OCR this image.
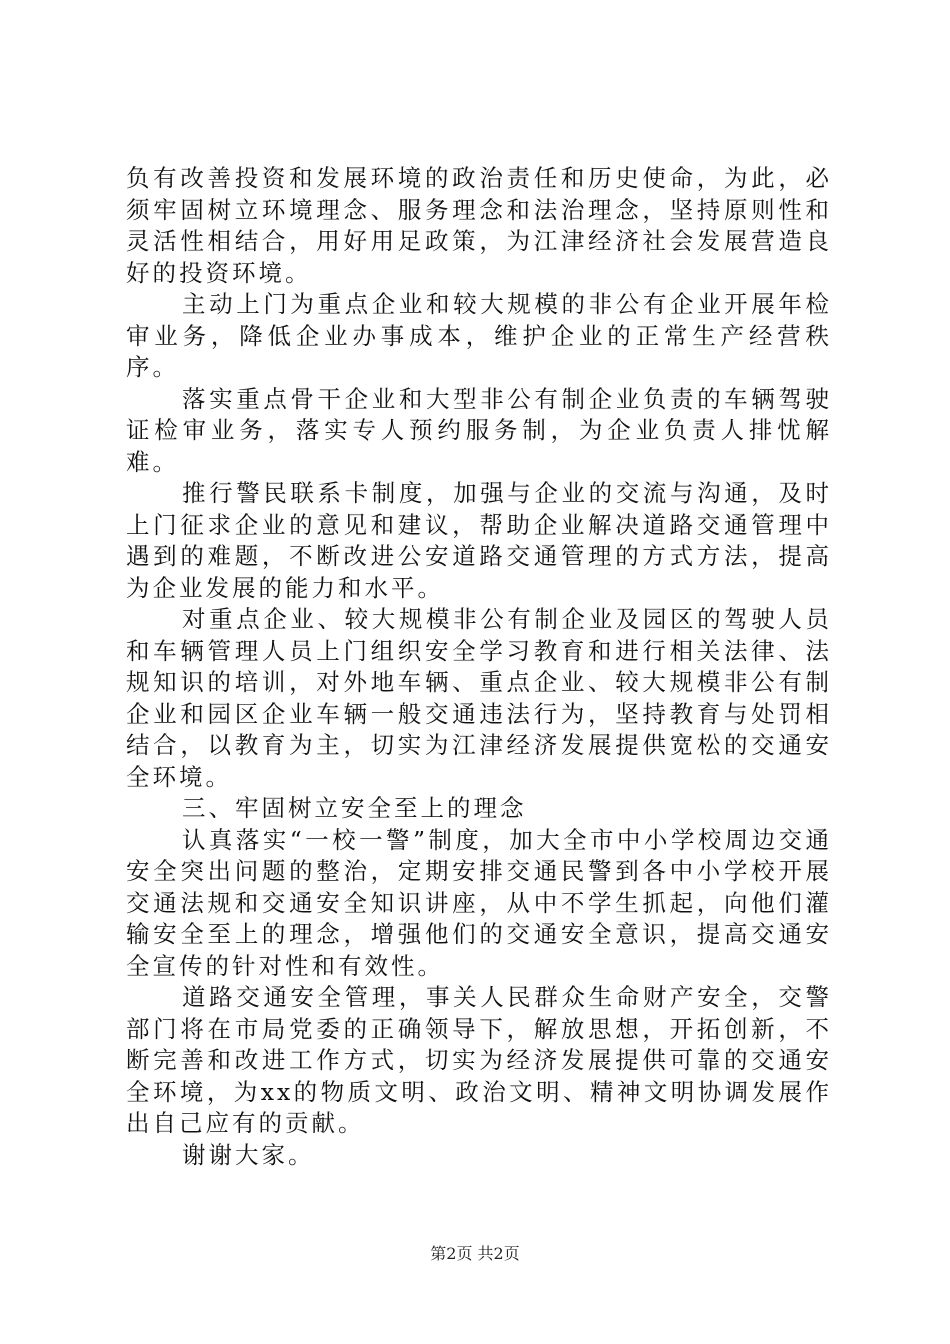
负有改善投资和发展环境的政治责任和历史使命，为此，必须牢固树立环境理念、服务理念和法治理念，坚持原则性和灵活性相结合，用好用足政策，为江津经济社会发展营造良好的投资环境。

主动上门为重点企业和较大规模的非公有企业开展年检审业务，降低企业办事成本，维护企业的正常生产经营秩序。

落实重点骨干企业和大型非公有制企业负责的车辆驾驶证检审业务，落实专人预约服务制，为企业负责人排忧解难。

推行警民联系卡制度，加强与企业的交流与沟通，及时上门征求企业的意见和建议，帮助企业解决道路交通管理中遇到的难题，不断改进公安道路交通管理的方式方法，提高为企业发展的能力和水平。

对重点企业、较大规模非公有制企业及园区的驾驶人员和车辆管理人员上门组织安全学习教育和进行相关法律、法规知识的培训，对外地车辆、重点企业、较大规模非公有制企业和园区企业车辆一般交通违法行为，坚持教育与处罚相结合，以教育为主，切实为江津经济发展提供宽松的交通安全环境。

三、牢固树立安全至上的理念

认真落实“一校一警”制度，加大全市中小学校周边交通安全突出问题的整治，定期安排交通民警到各中小学校开展交通法规和交通安全知识讲座，从中不学生抓起，向他们灌输安全至上的理念，增强他们的交通安全意识，提高交通安全宣传的针对性和有效性。

道路交通安全管理，事关人民群众生命财产安全，交警部门将在市局党委的正确领导下，解放思想，开拓创新，不断完善和改进工作方式，切实为经济发展提供可靠的交通安全环境，为xx的物质文明、政治文明、精神文明协调发展作出自己应有的贡献。

谢谢大家。

第2页 共2页
